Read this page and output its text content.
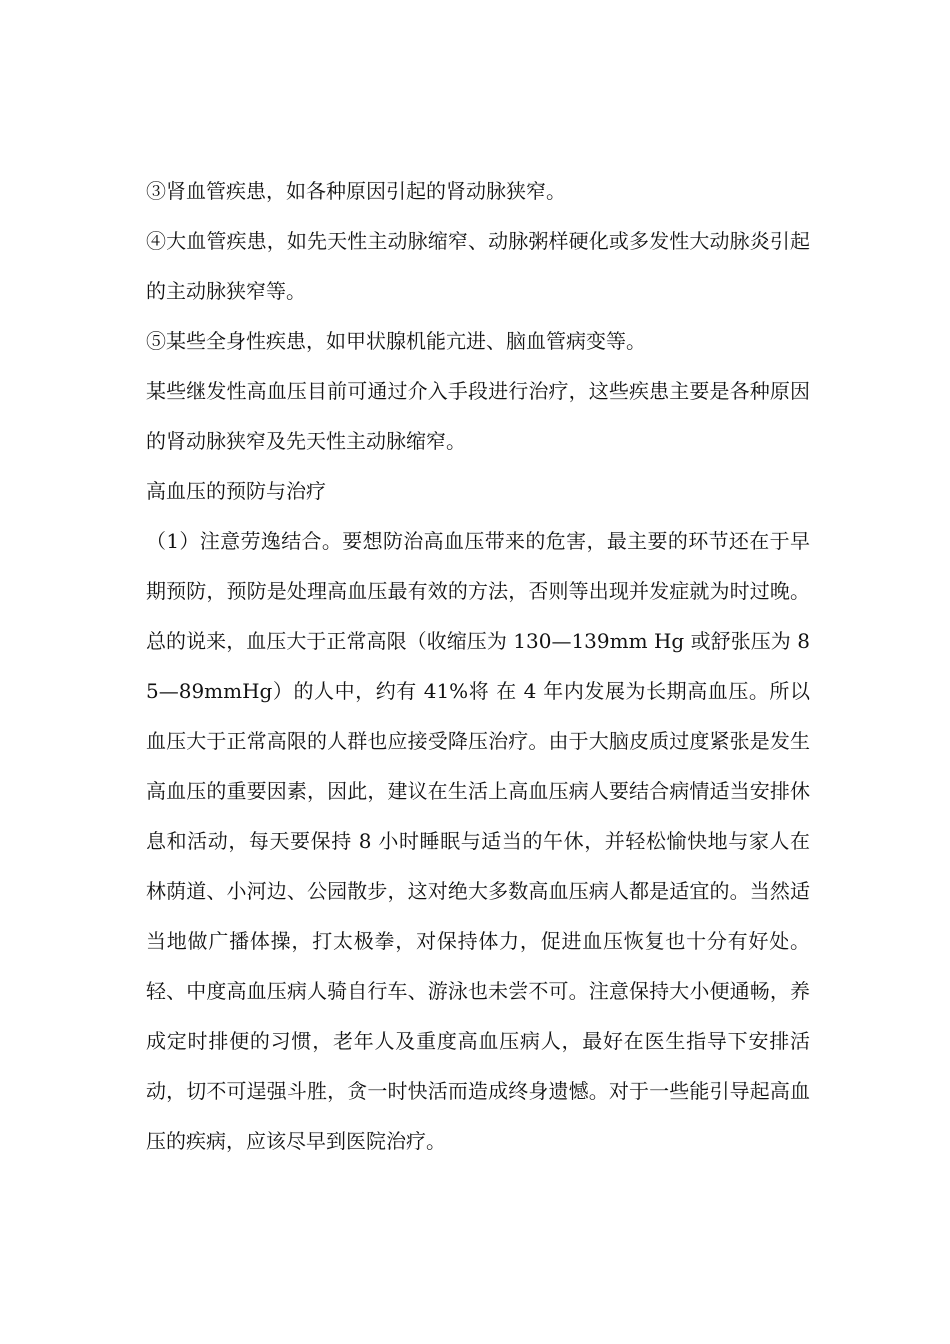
③肾血管疾患，如各种原因引起的肾动脉狭窄。

④大血管疾患，如先天性主动脉缩窄、动脉粥样硬化或多发性大动脉炎引起的主动脉狭窄等。

⑤某些全身性疾患，如甲状腺机能亢进、脑血管病变等。

某些继发性高血压目前可通过介入手段进行治疗，这些疾患主要是各种原因的肾动脉狭窄及先天性主动脉缩窄。

高血压的预防与治疗

（1）注意劳逸结合。要想防治高血压带来的危害，最主要的环节还在于早期预防，预防是处理高血压最有效的方法，否则等出现并发症就为时过晚。总的说来，血压大于正常高限（收缩压为 130—139mm Hg 或舒张压为 85—89mmHg）的人中，约有 41%将 在 4 年内发展为长期高血压。所以血压大于正常高限的人群也应接受降压治疗。由于大脑皮质过度紧张是发生高血压的重要因素，因此，建议在生活上高血压病人要结合病情适当安排休息和活动，每天要保持 8 小时睡眠与适当的午休，并轻松愉快地与家人在林荫道、小河边、公园散步，这对绝大多数高血压病人都是适宜的。当然适当地做广播体操，打太极拳，对保持体力，促进血压恢复也十分有好处。轻、中度高血压病人骑自行车、游泳也未尝不可。注意保持大小便通畅，养成定时排便的习惯，老年人及重度高血压病人，最好在医生指导下安排活动，切不可逞强斗胜，贪一时快活而造成终身遗憾。对于一些能引导起高血压的疾病，应该尽早到医院治疗。
